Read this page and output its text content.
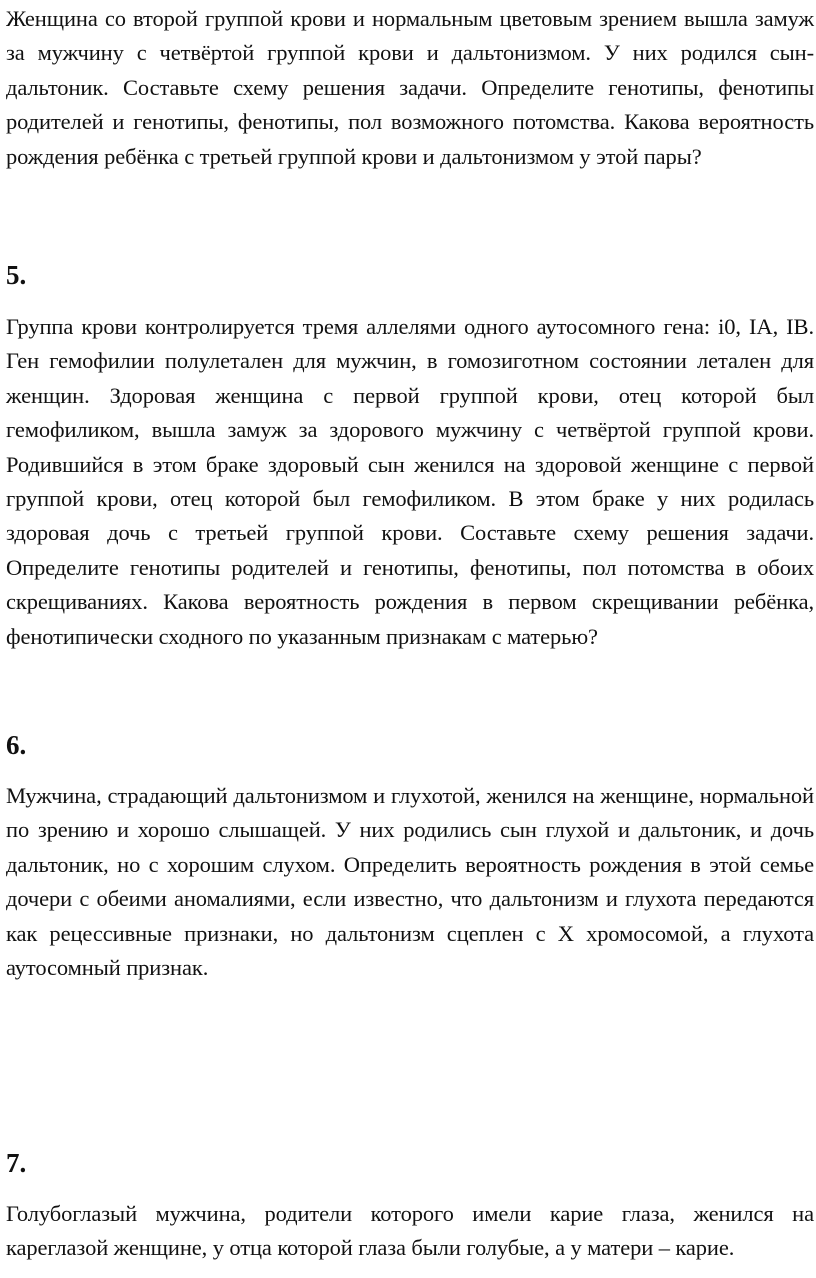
Женщина со второй группой крови и нормальным цветовым зрением вышла замуж за мужчину с четвёртой группой крови и дальтонизмом. У них родился сын-дальтоник. Составьте схему решения задачи. Определите генотипы, фенотипы родителей и генотипы, фенотипы, пол возможного потомства. Какова вероятность рождения ребёнка с третьей группой крови и дальтонизмом у этой пары?

5.

Группа крови контролируется тремя аллелями одного аутосомного гена: i0, IA, IB. Ген гемофилии полулетален для мужчин, в гомозиготном состоянии летален для женщин. Здоровая женщина с первой группой крови, отец которой был гемофиликом, вышла замуж за здорового мужчину с четвёртой группой крови. Родившийся в этом браке здоровый сын женился на здоровой женщине с первой группой крови, отец которой был гемофиликом. В этом браке у них родилась здоровая дочь с третьей группой крови. Составьте схему решения задачи. Определите генотипы родителей и генотипы, фенотипы, пол потомства в обоих скрещиваниях. Какова вероятность рождения в первом скрещивании ребёнка, фенотипически сходного по указанным признакам с матерью?

6.

Мужчина, страдающий дальтонизмом и глухотой, женился на женщине, нормальной по зрению и хорошо слышащей. У них родились сын глухой и дальтоник, и дочь дальтоник, но с хорошим слухом. Определить вероятность рождения в этой семье дочери с обеими аномалиями, если известно, что дальтонизм и глухота передаются как рецессивные признаки, но дальтонизм сцеплен с Х хромосомой, а глухота аутосомный признак.

7.

Голубоглазый мужчина, родители которого имели карие глаза, женился на кареглазой женщине, у отца которой глаза были голубые, а у матери – карие.
